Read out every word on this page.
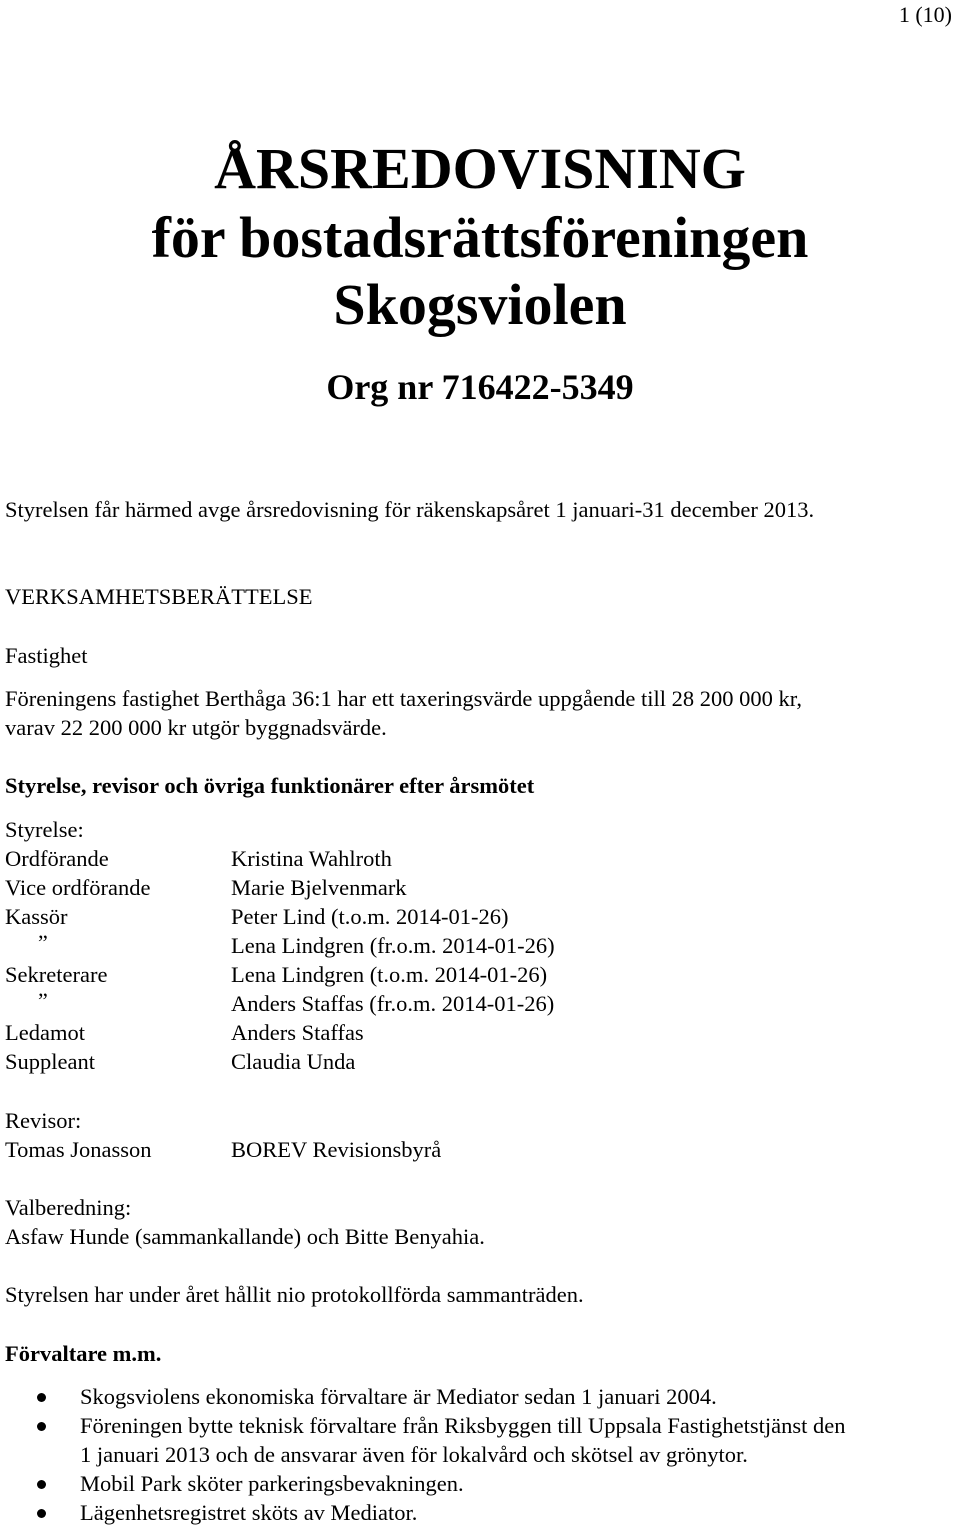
1 (10)
ÅRSREDOVISNING
för bostadsrättsföreningen
Skogsviolen
Org nr 716422-5349
Styrelsen får härmed avge årsredovisning för räkenskapsåret 1 januari-31 december 2013.
VERKSAMHETSBERÄTTELSE
Fastighet
Föreningens fastighet Berthåga 36:1 har ett taxeringsvärde uppgående till 28 200 000 kr,
varav 22 200 000 kr utgör byggnadsvärde.
Styrelse, revisor och övriga funktionärer efter årsmötet
Styrelse:
Ordförande	Kristina Wahlroth
Vice ordförande	Marie Bjelvenmark
Kassör	Peter Lind (t.o.m. 2014-01-26)
”	Lena Lindgren (fr.o.m. 2014-01-26)
Sekreterare	Lena Lindgren (t.o.m. 2014-01-26)
”	Anders Staffas (fr.o.m. 2014-01-26)
Ledamot	Anders Staffas
Suppleant	Claudia Unda
Revisor:
Tomas Jonasson	BOREV Revisionsbyrå
Valberedning:
Asfaw Hunde (sammankallande) och Bitte Benyahia.
Styrelsen har under året hållit nio protokollförda sammanträden.
Förvaltare m.m.
Skogsviolens ekonomiska förvaltare är Mediator sedan 1 januari 2004.
Föreningen bytte teknisk förvaltare från Riksbyggen till Uppsala Fastighetstjänst den
1 januari 2013 och de ansvarar även för lokalvård och skötsel av grönytor.
Mobil Park sköter parkeringsbevakningen.
Lägenhetsregistret sköts av Mediator.
